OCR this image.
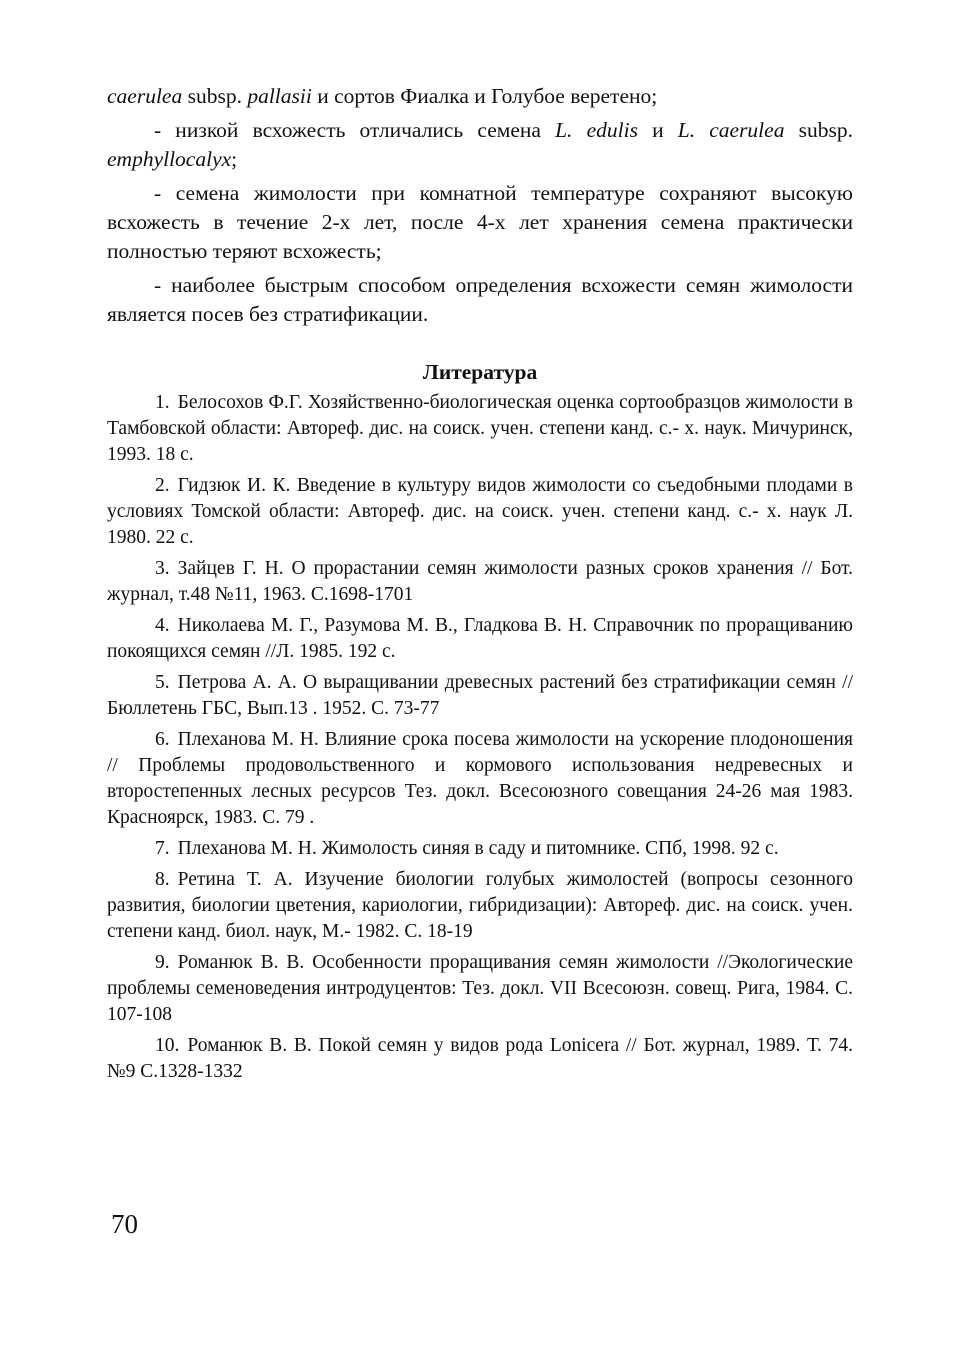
caerulea subsp. pallasii и сортов Фиалка и Голубое веретено;

- низкой всхожесть отличались семена L. edulis и L. caerulea subsp. emphyllocalyx;

- семена жимолости при комнатной температуре сохраняют высокую всхожесть в течение 2-х лет, после 4-х лет хранения семена практически полностью теряют всхожесть;

- наиболее быстрым способом определения всхожести семян жимолости является посев без стратификации.

Литература
1. Белосохов Ф.Г. Хозяйственно-биологическая оценка сортообразцов жимолости в Тамбовской области: Автореф. дис. на соиск. учен. степени канд. с.- х. наук. Мичуринск, 1993. 18 с.
2. Гидзюк И. К. Введение в культуру видов жимолости со съедобными плодами в условиях Томской области: Автореф. дис. на соиск. учен. степени канд. с.- х. наук Л. 1980. 22 с.
3. Зайцев Г. Н. О прорастании семян жимолости разных сроков хранения // Бот. журнал, т.48 №11, 1963. С.1698-1701
4. Николаева М. Г., Разумова М. В., Гладкова В. Н. Справочник по проращиванию покоящихся семян //Л. 1985. 192 с.
5. Петрова А. А. О выращивании древесных растений без стратификации семян // Бюллетень ГБС, Вып.13 . 1952. С. 73-77
6. Плеханова М. Н. Влияние срока посева жимолости на ускорение плодоношения // Проблемы продовольственного и кормового использования недревесных и второстепенных лесных ресурсов Тез. докл. Всесоюзного совещания 24-26 мая 1983. Красноярск, 1983. С. 79 .
7. Плеханова М. Н. Жимолость синяя в саду и питомнике. СПб, 1998. 92 с.
8. Ретина Т. А. Изучение биологии голубых жимолостей (вопросы сезонного развития, биологии цветения, кариологии, гибридизации): Автореф. дис. на соиск. учен. степени канд. биол. наук, М.- 1982. С. 18-19
9. Романюк В. В. Особенности проращивания семян жимолости //Экологические проблемы семеноведения интродуцентов: Тез. докл. VII Всесоюзн. совещ. Рига, 1984. С. 107-108
10. Романюк В. В. Покой семян у видов рода Lonicera // Бот. журнал, 1989. Т. 74. №9 С.1328-1332
70
